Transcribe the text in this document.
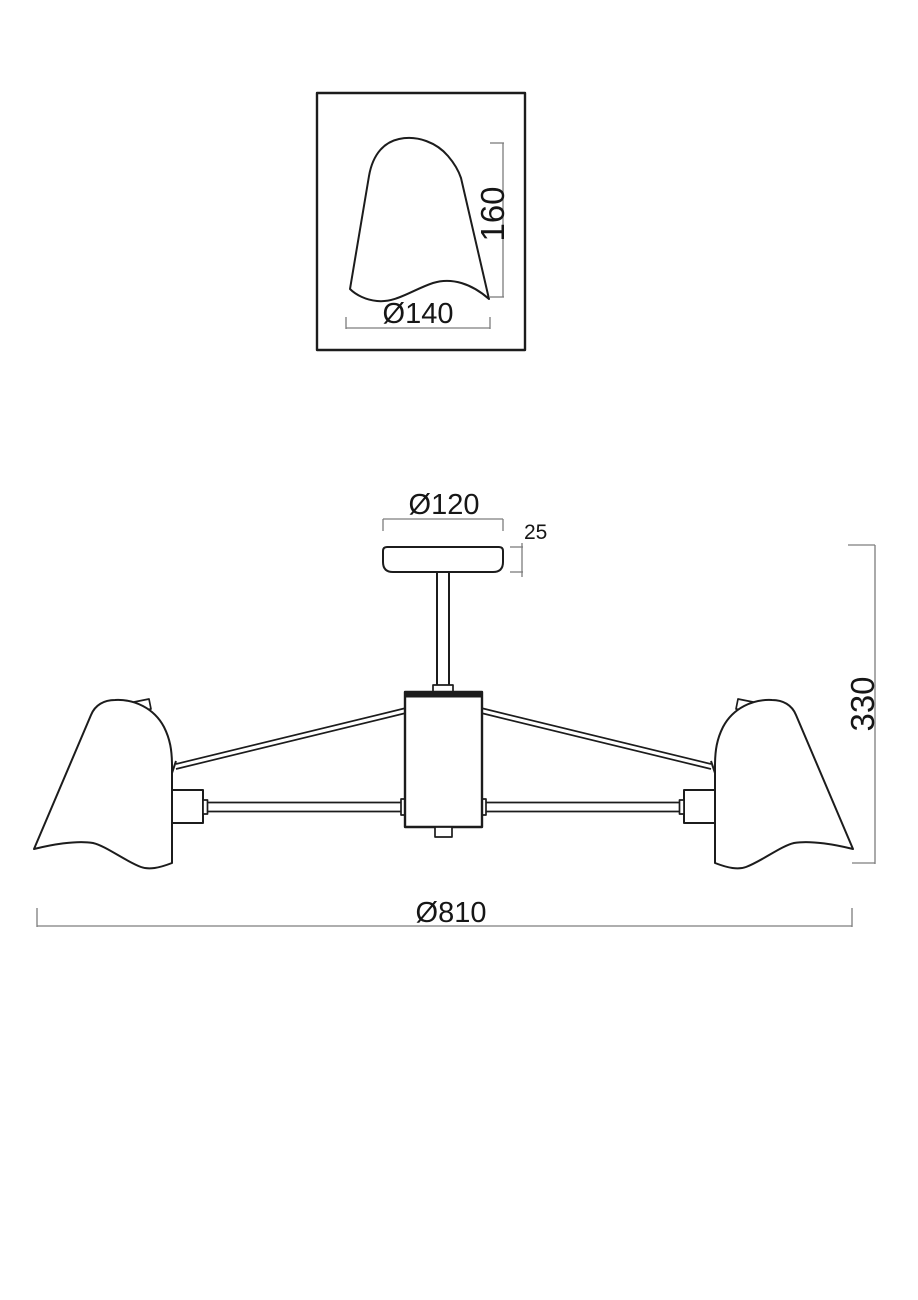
160
Ø140
Ø120
25
330
Ø810
